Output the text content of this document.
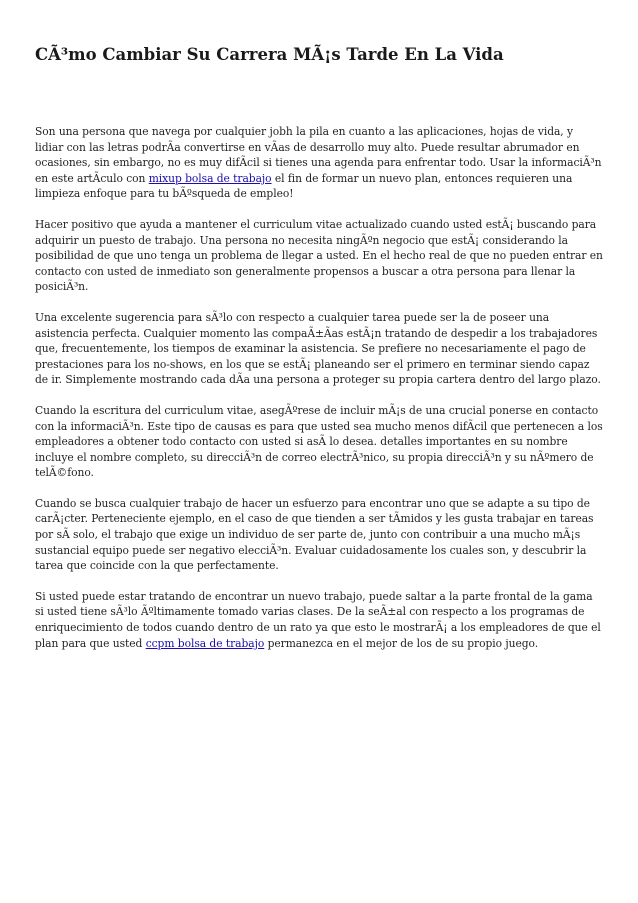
CÃ³mo Cambiar Su Carrera MÃ¡s Tarde En La Vida

Son una persona que navega por cualquier jobh la pila en cuanto a las aplicaciones, hojas de vida, y lidiar con las letras podrÃa convertirse en vÃas de desarrollo muy alto. Puede resultar abrumador en ocasiones, sin embargo, no es muy difÃcil si tienes una agenda para enfrentar todo. Usar la informaciÃ³n en este artÃculo con mixup bolsa de trabajo el fin de formar un nuevo plan, entonces requieren una limpieza enfoque para tu bÃºsqueda de empleo!

Hacer positivo que ayuda a mantener el curriculum vitae actualizado cuando usted estÃ¡ buscando para adquirir un puesto de trabajo. Una persona no necesita ningÃºn negocio que estÃ¡ considerando la posibilidad de que uno tenga un problema de llegar a usted. En el hecho real de que no pueden entrar en contacto con usted de inmediato son generalmente propensos a buscar a otra persona para llenar la posiciÃ³n.

Una excelente sugerencia para sÃ³lo con respecto a cualquier tarea puede ser la de poseer una asistencia perfecta. Cualquier momento las compaÃ±Ãas estÃ¡n tratando de despedir a los trabajadores que, frecuentemente, los tiempos de examinar la asistencia. Se prefiere no necesariamente el pago de prestaciones para los no-shows, en los que se estÃ¡ planeando ser el primero en terminar siendo capaz de ir. Simplemente mostrando cada dÃa una persona a proteger su propia cartera dentro del largo plazo.

Cuando la escritura del curriculum vitae, asegÃºrese de incluir mÃ¡s de una crucial ponerse en contacto con la informaciÃ³n. Este tipo de causas es para que usted sea mucho menos difÃcil que pertenecen a los empleadores a obtener todo contacto con usted si asÃ lo desea. detalles importantes en su nombre incluye el nombre completo, su direcciÃ³n de correo electrÃ³nico, su propia direcciÃ³n y su nÃºmero de telÃ©fono.

Cuando se busca cualquier trabajo de hacer un esfuerzo para encontrar uno que se adapte a su tipo de carÃ¡cter. Perteneciente ejemplo, en el caso de que tienden a ser tÃmidos y les gusta trabajar en tareas por sÃ solo, el trabajo que exige un individuo de ser parte de, junto con contribuir a una mucho mÃ¡s sustancial equipo puede ser negativo elecciÃ³n. Evaluar cuidadosamente los cuales son, y descubrir la tarea que coincide con la que perfectamente.

Si usted puede estar tratando de encontrar un nuevo trabajo, puede saltar a la parte frontal de la gama si usted tiene sÃ³lo Ãºltimamente tomado varias clases. De la seÃ±al con respecto a los programas de enriquecimiento de todos cuando dentro de un rato ya que esto le mostrarÃ¡ a los empleadores de que el plan para que usted ccpm bolsa de trabajo permanezca en el mejor de los de su propio juego.
